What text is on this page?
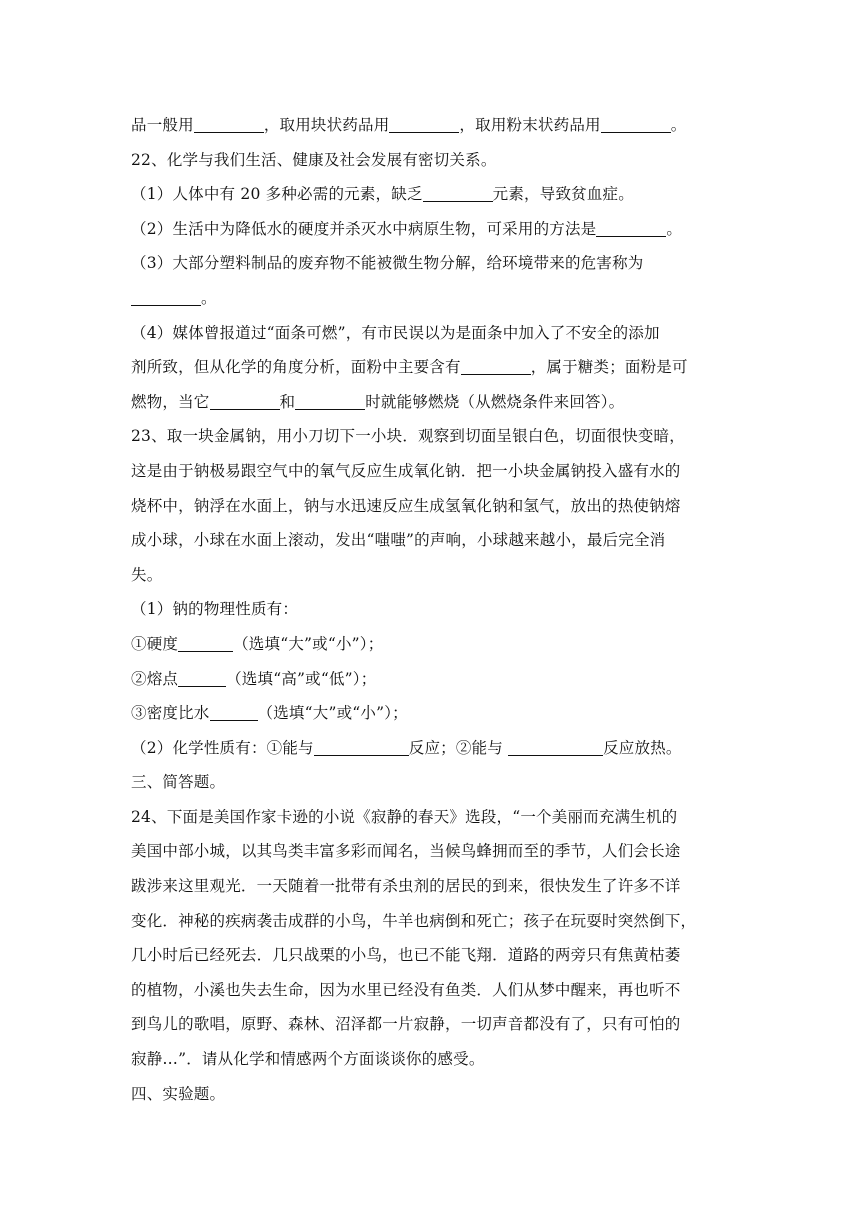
品一般用	，取用块状药品用	，取用粉末状药品用	。
22、化学与我们生活、健康及社会发展有密切关系。
（1）人体中有 20 多种必需的元素，缺乏	元素，导致贫血症。
（2）生活中为降低水的硬度并杀灭水中病原生物，可采用的方法是	。
（3）大部分塑料制品的废弃物不能被微生物分解，给环境带来的危害称为
。
（4）媒体曾报道过“面条可燃”，有市民误以为是面条中加入了不安全的添加
剂所致，但从化学的角度分析，面粉中主要含有	，属于糖类；面粉是可
燃物，当它	和	时就能够燃烧（从燃烧条件来回答）。
23、取一块金属钠，用小刀切下一小块．观察到切面呈银白色，切面很快变暗，
这是由于钠极易跟空气中的氧气反应生成氧化钠．把一小块金属钠投入盛有水的
烧杯中，钠浮在水面上，钠与水迅速反应生成氢氧化钠和氢气，放出的热使钠熔
成小球，小球在水面上滚动，发出“嗤嗤”的声响，小球越来越小，最后完全消
失。
（1）钠的物理性质有：
①硬度	（选填“大”或“小”）；
②熔点	（选填“高”或“低”）；
③密度比水	（选填“大”或“小”）；
（2）化学性质有：①能与	反应；②能与	反应放热。
三、简答题。
24、下面是美国作家卡逊的小说《寂静的春天》选段，“一个美丽而充满生机的
美国中部小城，以其鸟类丰富多彩而闻名，当候鸟蜂拥而至的季节，人们会长途
跋涉来这里观光．一天随着一批带有杀虫剂的居民的到来，很快发生了许多不详
变化．神秘的疾病袭击成群的小鸟，牛羊也病倒和死亡；孩子在玩耍时突然倒下，
几小时后已经死去．几只战栗的小鸟，也已不能飞翔．道路的两旁只有焦黄枯萎
的植物，小溪也失去生命，因为水里已经没有鱼类．人们从梦中醒来，再也听不
到鸟儿的歌唱，原野、森林、沼泽都一片寂静，一切声音都没有了，只有可怕的
寂静…”．请从化学和情感两个方面谈谈你的感受。
四、实验题。
